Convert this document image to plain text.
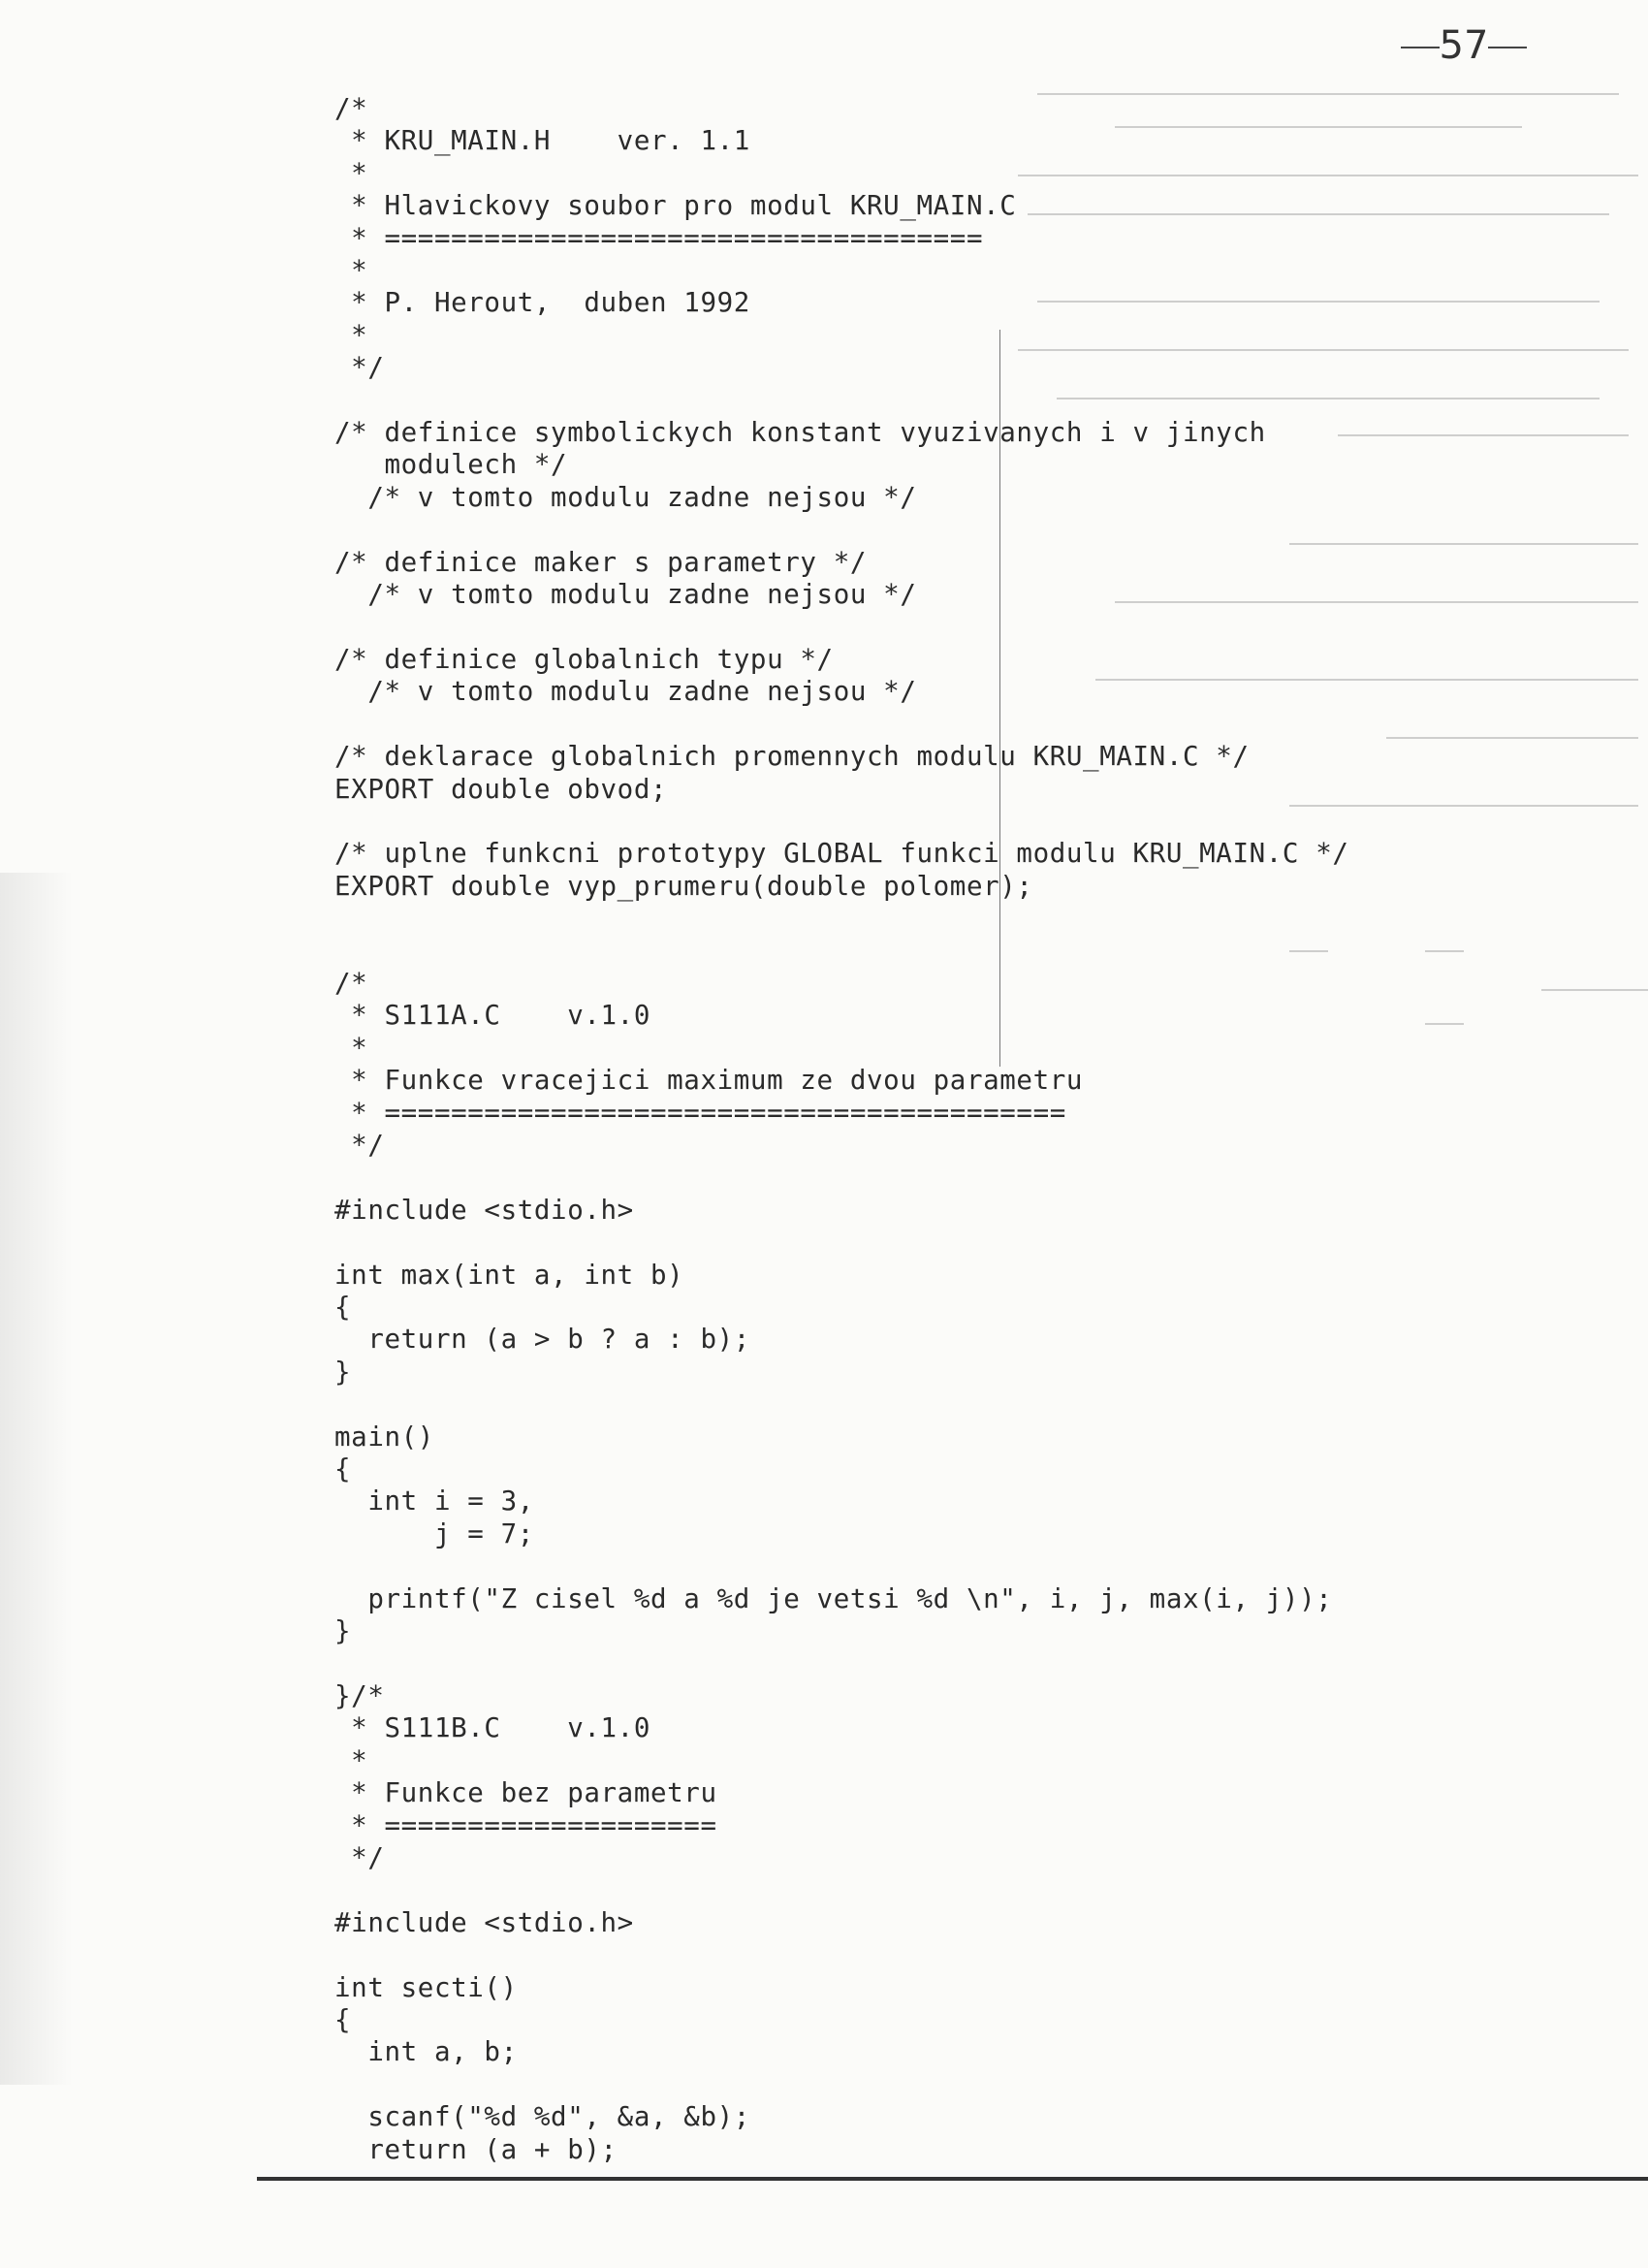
57
/*
* KRU_MAIN.H    ver. 1.1
*
* Hlavickovy soubor pro modul KRU_MAIN.C
* ====================================
*
* P. Herout,  duben 1992
*
*/

/* definice symbolickych konstant vyuzivanych i v jinych
modulech */
/* v tomto modulu zadne nejsou */

/* definice maker s parametry */
/* v tomto modulu zadne nejsou */

/* definice globalnich typu */
/* v tomto modulu zadne nejsou */

/* deklarace globalnich promennych modulu KRU_MAIN.C */
EXPORT double obvod;

/* uplne funkcni prototypy GLOBAL funkci modulu KRU_MAIN.C */
EXPORT double vyp_prumeru(double polomer);

/*
* S111A.C    v.1.0
*
* Funkce vracejici maximum ze dvou parametru
* =========================================
*/

#include <stdio.h>

int max(int a, int b)
{
return (a > b ? a : b);
}

main()
{
int i = 3,
j = 7;

printf("Z cisel %d a %d je vetsi %d \n", i, j, max(i, j));
}

}/*
* S111B.C    v.1.0
*
* Funkce bez parametru
* ====================
*/

#include <stdio.h>

int secti()
{
int a, b;

scanf("%d %d", &a, &b);
return (a + b);
